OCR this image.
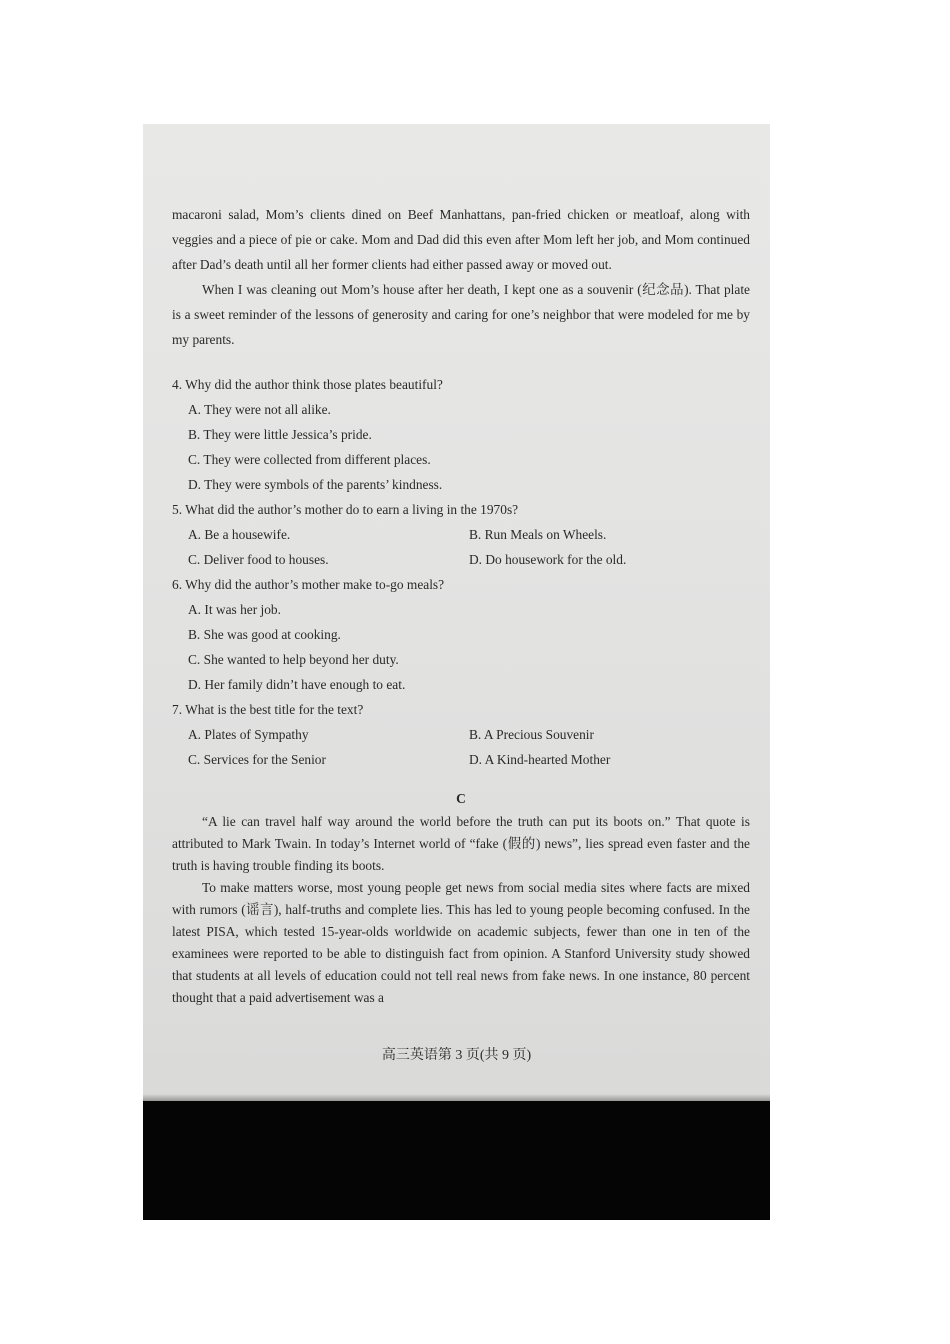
macaroni salad, Mom’s clients dined on Beef Manhattans, pan-fried chicken or meatloaf, along with veggies and a piece of pie or cake. Mom and Dad did this even after Mom left her job, and Mom continued after Dad’s death until all her former clients had either passed away or moved out.

When I was cleaning out Mom’s house after her death, I kept one as a souvenir (纪念品). That plate is a sweet reminder of the lessons of generosity and caring for one’s neighbor that were modeled for me by my parents.

4. Why did the author think those plates beautiful?

A. They were not all alike.

B. They were little Jessica’s pride.

C. They were collected from different places.

D. They were symbols of the parents’ kindness.

5. What did the author’s mother do to earn a living in the 1970s?

A. Be a housewife.	B. Run Meals on Wheels.
C. Deliver food to houses.	D. Do housework for the old.

6. Why did the author’s mother make to-go meals?

A. It was her job.

B. She was good at cooking.

C. She wanted to help beyond her duty.

D. Her family didn’t have enough to eat.

7. What is the best title for the text?

A. Plates of Sympathy	B. A Precious Souvenir
C. Services for the Senior	D. A Kind-hearted Mother

C

“A lie can travel half way around the world before the truth can put its boots on.” That quote is attributed to Mark Twain. In today’s Internet world of “fake (假的) news”, lies spread even faster and the truth is having trouble finding its boots.

To make matters worse, most young people get news from social media sites where facts are mixed with rumors (谣言), half-truths and complete lies. This has led to young people becoming confused. In the latest PISA, which tested 15-year-olds worldwide on academic subjects, fewer than one in ten of the examinees were reported to be able to distinguish fact from opinion. A Stanford University study showed that students at all levels of education could not tell real news from fake news. In one instance, 80 percent thought that a paid advertisement was a

高三英语第 3 页(共 9 页)
